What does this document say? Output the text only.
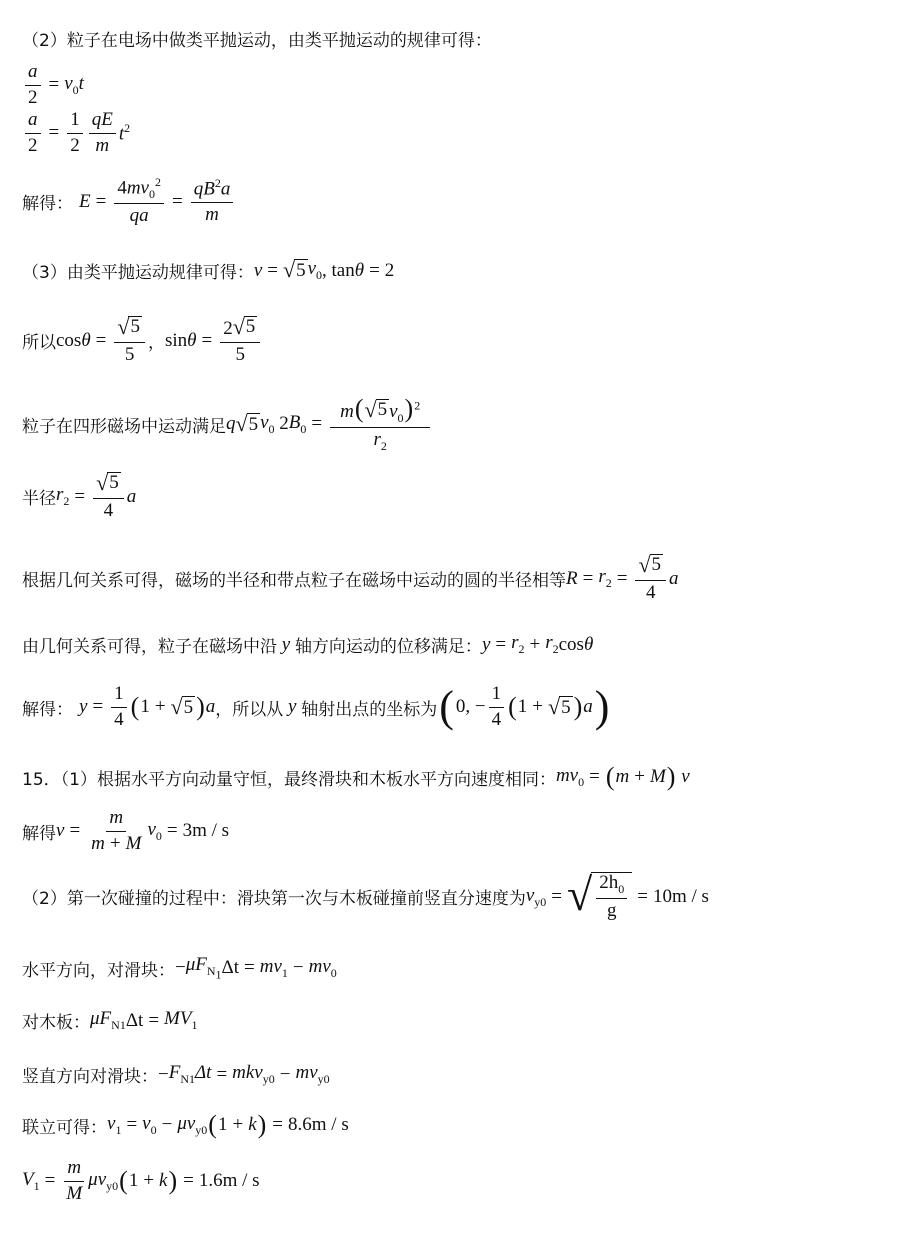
（2）粒子在电场中做类平抛运动，由类平抛运动的规律可得：
$\frac{a}{2} = v_0t$
$\frac{a}{2} = \frac{1}{2} \frac{qE}{m} t^2$
解得： $E = \frac{4mv_0^2}{qa} = \frac{qB^2a}{m}$
（3）由类平抛运动规律可得： v = √ 5 $v_0$ , tan θ = 2
所以 $\cos \theta = \frac{√ 5}{5}$ ， $\sin \theta = \frac{2 √ 5}{5}$
粒子在四形磁场中运动满足 q √ 5 $v_0$ 2 $B_0 = \frac{m( √ 5 v_0)^2}{r_2}$
半径 $r_2 = \frac{√ 5}{4}$ a
根据几何关系可得，磁场的半径和带点粒子在磁场中运动的圆的半径相等 $R = r_2 = \frac{√ 5}{4}$ a
由几何关系可得，粒子在磁场中沿 y 轴方向运动的位移满足： $y = r_2 + r_2$ cos θ
解得： $y = \frac{1}{4}$ ( 1 + √ 5 ) a ，所以从 y 轴射出点的坐标为 ( 0 , − $\frac{1}{4}$ ( 1 + √ 5 ) a )
15．（1）根据水平方向动量守恒，最终滑块和木板水平方向速度相同： $mv_0$ = ( m + M ) v
解得 $v = \frac{m}{m + M} v_0 = 3m / s$
（2）第一次碰撞的过程中：滑块第一次与木板碰撞前竖直分速度为 $v_{y0}$ = √ $\frac{2h_0}{g} = 10m / s$
水平方向，对滑块： − $\mu F_{N_1}$ $\Delta t = mv_1 - mv_0$
对木板： $\mu F_{N1}$ $\Delta t = MV_1$
竖直方向对滑块： − $F_{N1}\Delta t = mkv_{y0} - mv_{y0}$
联立可得： $v_1 = v_0 - \mu v_{y0}$ ( 1 + k ) = 8.6m / s
$V_1 = \frac{m}{M} \mu v_{y0}$ ( 1 + k ) = 1.6m / s
